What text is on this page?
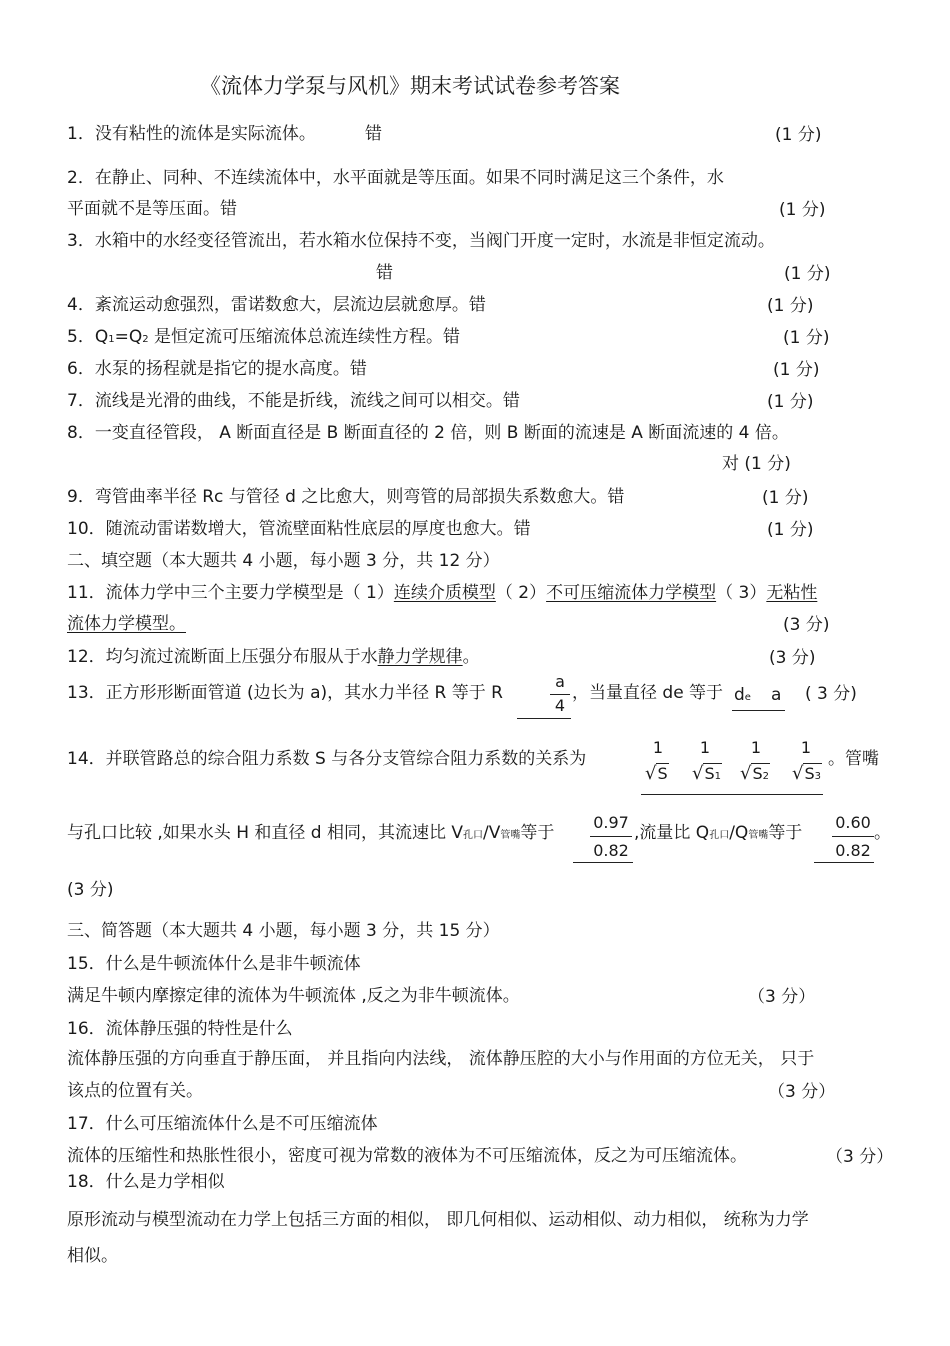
《流体力学泵与风机》期末考试试卷参考答案
1．没有粘性的流体是实际流体。	错	(1 分)
2．在静止、同种、不连续流体中，水平面就是等压面。如果不同时满足这三个条件，水
平面就不是等压面。错	(1 分)
3．水箱中的水经变径管流出，若水箱水位保持不变，当阀门开度一定时，水流是非恒定流动。
错	(1 分)
4．紊流运动愈强烈，雷诺数愈大，层流边层就愈厚。错	(1 分)
5．Q1=Q2 是恒定流可压缩流体总流连续性方程。错	(1 分)
6．水泵的扬程就是指它的提水高度。错	(1 分)
7．流线是光滑的曲线，不能是折线，流线之间可以相交。错	(1 分)
8．一变直径管段， A 断面直径是 B 断面直径的 2 倍，则 B 断面的流速是 A 断面流速的 4 倍。
对 (1 分)
9．弯管曲率半径 Rc 与管径 d 之比愈大，则弯管的局部损失系数愈大。错	(1 分)
10．随流动雷诺数增大，管流壁面粘性底层的厚度也愈大。错	(1 分)
二、填空题（本大题共 4 小题，每小题 3 分，共 12 分）
11．流体力学中三个主要力学模型是（ 1）连续介质模型（ 2）不可压缩流体力学模型（ 3）无粘性
流体力学模型。	(3 分)
12．均匀流过流断面上压强分布服从于水静力学规律。	(3 分)
13．正方形形断面管道 (边长为 a)，其水力半径 R 等于 R
a
4
，当量直径 de 等于 de a ( 3 分)
14．并联管路总的综合阻力系数 S 与各分支管综合阻力系数的关系为
1
√S
1
√S1
1
√S2
1
√S3
。管嘴
与孔口比较 ,如果水头 H 和直径 d 相同，其流速比 V孔口/V管嘴等于
0.97
0.82
,流量比 Q孔口/Q管嘴等于
0.60
0.82
。
(3 分)
三、简答题（本大题共 4 小题，每小题 3 分，共 15 分）
15．什么是牛顿流体什么是非牛顿流体
满足牛顿内摩擦定律的流体为牛顿流体 ,反之为非牛顿流体。	（3 分）
16．流体静压强的特性是什么
流体静压强的方向垂直于静压面， 并且指向内法线， 流体静压腔的大小与作用面的方位无关， 只于
该点的位置有关。	（3 分）
17．什么可压缩流体什么是不可压缩流体
流体的压缩性和热胀性很小，密度可视为常数的液体为不可压缩流体，反之为可压缩流体。	（3 分）
18．什么是力学相似
原形流动与模型流动在力学上包括三方面的相似， 即几何相似、运动相似、动力相似， 统称为力学
相似。
